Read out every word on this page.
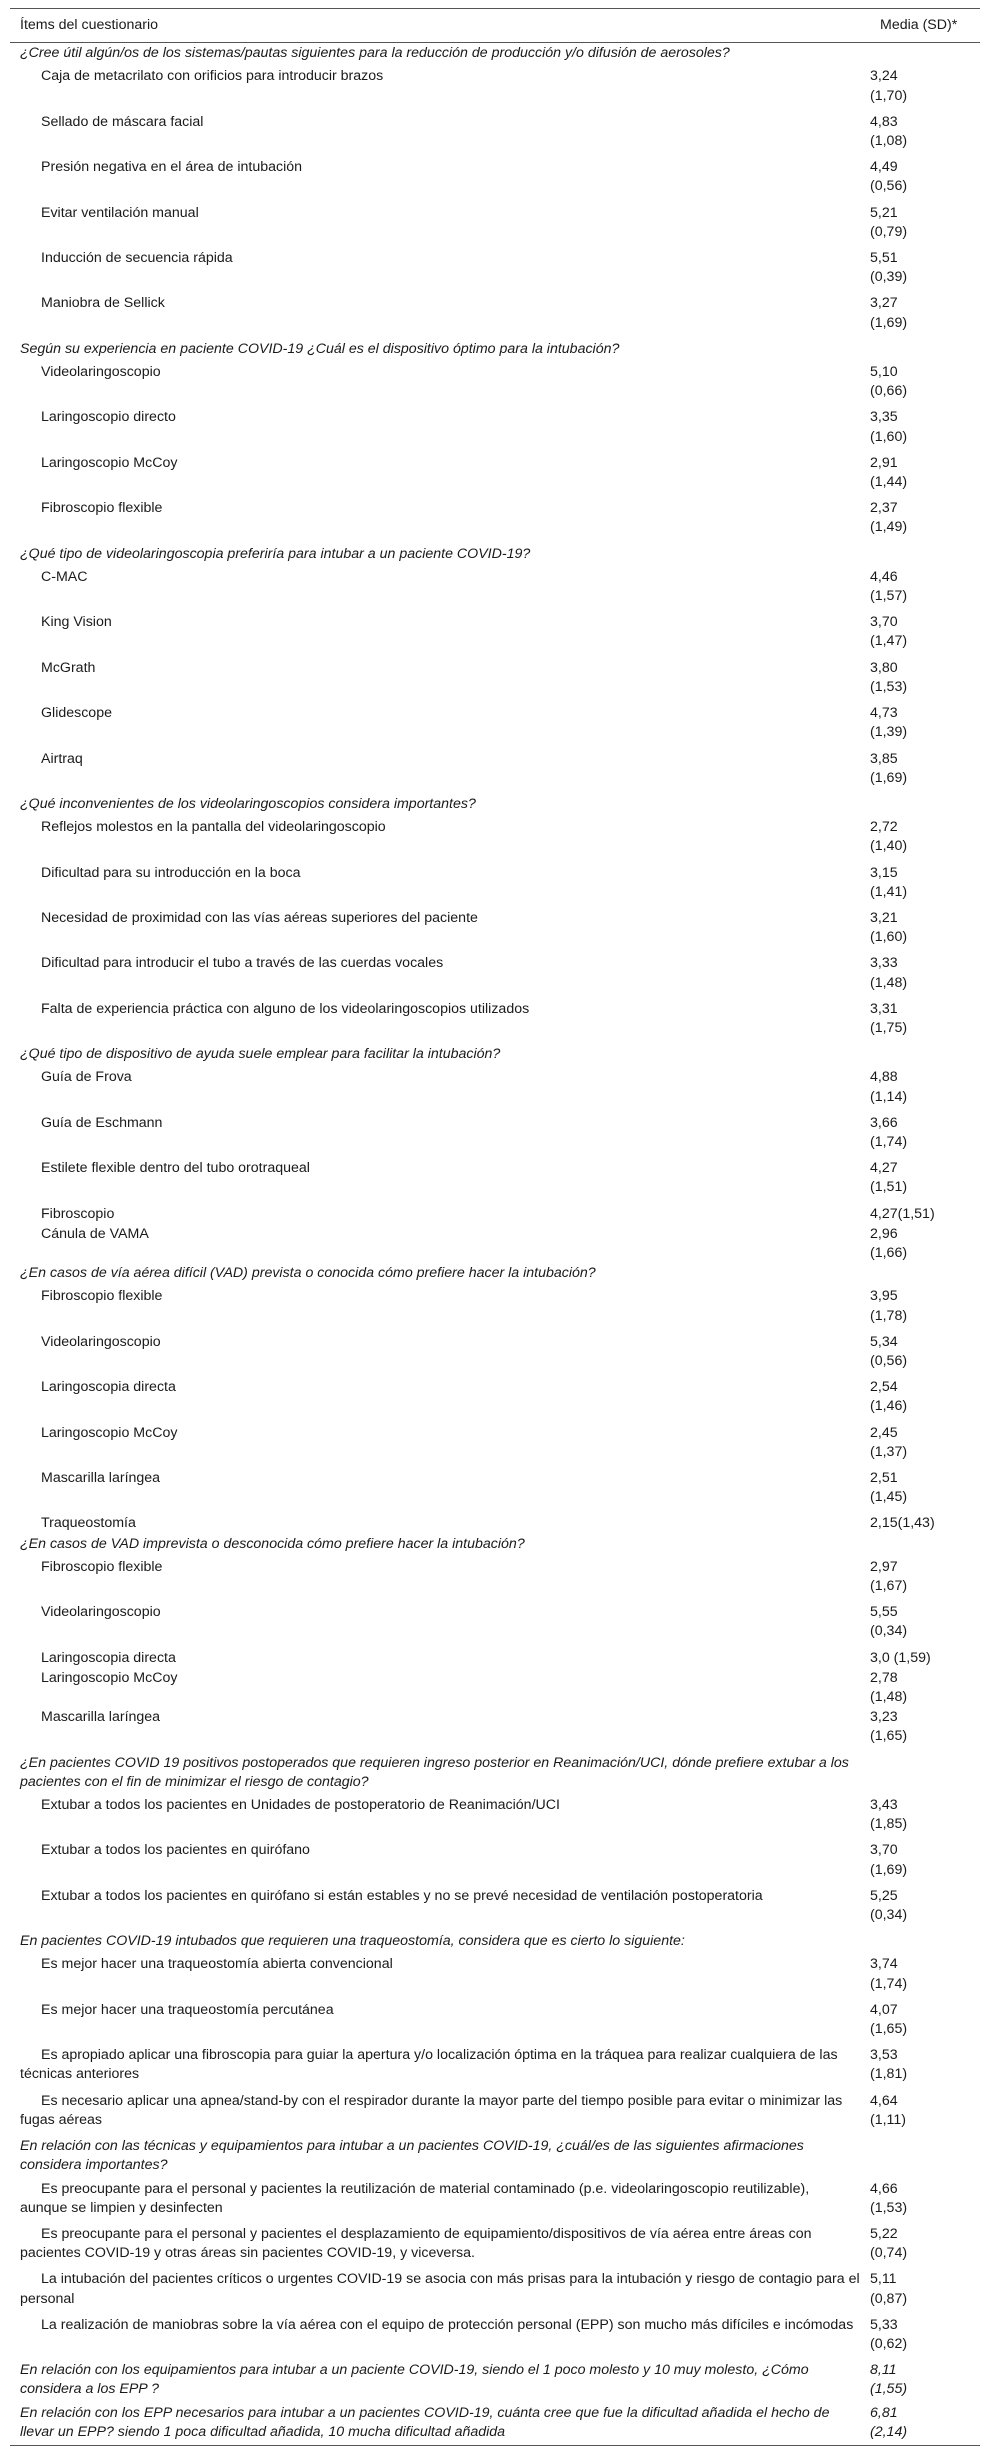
Ítems del cuestionario	Media (SD)*
¿Cree útil algún/os de los sistemas/pautas siguientes para la reducción de producción y/o difusión de aerosoles?	
Caja de metacrilato con orificios para introducir brazos	3,24
(1,70)

Sellado de máscara facial	4,83
(1,08)

Presión negativa en el área de intubación	4,49
(0,56)

Evitar ventilación manual	5,21
(0,79)

Inducción de secuencia rápida	5,51
(0,39)

Maniobra de Sellick	3,27
(1,69)

Según su experiencia en paciente COVID-19 ¿Cuál es el dispositivo óptimo para la intubación?	
Videolaringoscopio	5,10
(0,66)

Laringoscopio directo	3,35
(1,60)

Laringoscopio McCoy	2,91
(1,44)

Fibroscopio flexible	2,37
(1,49)

¿Qué tipo de videolaringoscopia preferiría para intubar a un paciente COVID-19?	
C-MAC	4,46
(1,57)

King Vision	3,70
(1,47)

McGrath	3,80
(1,53)

Glidescope	4,73
(1,39)

Airtraq	3,85
(1,69)

¿Qué inconvenientes de los videolaringoscopios considera importantes?	
Reflejos molestos en la pantalla del videolaringoscopio	2,72
(1,40)

Dificultad para su introducción en la boca	3,15
(1,41)

Necesidad de proximidad con las vías aéreas superiores del paciente	3,21
(1,60)

Dificultad para introducir el tubo a través de las cuerdas vocales	3,33
(1,48)

Falta de experiencia práctica con alguno de los videolaringoscopios utilizados	3,31
(1,75)

¿Qué tipo de dispositivo de ayuda suele emplear para facilitar la intubación?	
Guía de Frova	4,88
(1,14)

Guía de Eschmann	3,66
(1,74)

Estilete flexible dentro del tubo orotraqueal	4,27
(1,51)

Fibroscopio	4,27(1,51)
Cánula de VAMA	2,96
(1,66)

¿En casos de vía aérea difícil (VAD) prevista o conocida cómo prefiere hacer la intubación?	
Fibroscopio flexible	3,95
(1,78)

Videolaringoscopio	5,34
(0,56)

Laringoscopia directa	2,54
(1,46)

Laringoscopio McCoy	2,45
(1,37)

Mascarilla laríngea	2,51
(1,45)

Traqueostomía	2,15(1,43)
¿En casos de VAD imprevista o desconocida cómo prefiere hacer la intubación?	
Fibroscopio flexible	2,97
(1,67)

Videolaringoscopio	5,55
(0,34)

Laringoscopia directa	3,0 (1,59)
Laringoscopio McCoy	2,78
(1,48)

Mascarilla laríngea	3,23
(1,65)

¿En pacientes COVID 19 positivos postoperados que requieren ingreso posterior en Reanimación/UCI, dónde prefiere extubar a los pacientes con el fin de minimizar el riesgo de contagio?	
Extubar a todos los pacientes en Unidades de postoperatorio de Reanimación/UCI	3,43
(1,85)

Extubar a todos los pacientes en quirófano	3,70
(1,69)

Extubar a todos los pacientes en quirófano si están estables y no se prevé necesidad de ventilación postoperatoria	5,25
(0,34)

En pacientes COVID-19 intubados que requieren una traqueostomía, considera que es cierto lo siguiente:	
Es mejor hacer una traqueostomía abierta convencional	3,74
(1,74)

Es mejor hacer una traqueostomía percutánea	4,07
(1,65)

Es apropiado aplicar una fibroscopia para guiar la apertura y/o localización óptima en la tráquea para realizar cualquiera de las técnicas anteriores	3,53
(1,81)

Es necesario aplicar una apnea/stand-by con el respirador durante la mayor parte del tiempo posible para evitar o minimizar las fugas aéreas	4,64
(1,11)

En relación con las técnicas y equipamientos para intubar a un pacientes COVID-19, ¿cuál/es de las siguientes afirmaciones considera importantes?	
Es preocupante para el personal y pacientes la reutilización de material contaminado (p.e. videolaringoscopio reutilizable), aunque se limpien y desinfecten	4,66
(1,53)

Es preocupante para el personal y pacientes el desplazamiento de equipamiento/dispositivos de vía aérea entre áreas con pacientes COVID-19 y otras áreas sin pacientes COVID-19, y viceversa.	5,22
(0,74)

La intubación del pacientes críticos o urgentes COVID-19 se asocia con más prisas para la intubación y riesgo de contagio para el personal	5,11
(0,87)

La realización de maniobras sobre la vía aérea con el equipo de protección personal (EPP) son mucho más difíciles e incómodas	5,33
(0,62)

En relación con los equipamientos para intubar a un paciente COVID-19, siendo el 1 poco molesto y 10 muy molesto, ¿Cómo considera a los EPP ?	8,11
(1,55)

En relación con los EPP necesarios para intubar a un pacientes COVID-19, cuánta cree que fue la dificultad añadida el hecho de llevar un EPP? siendo 1 poca dificultad añadida, 10 mucha dificultad añadida	6,81
(2,14)
